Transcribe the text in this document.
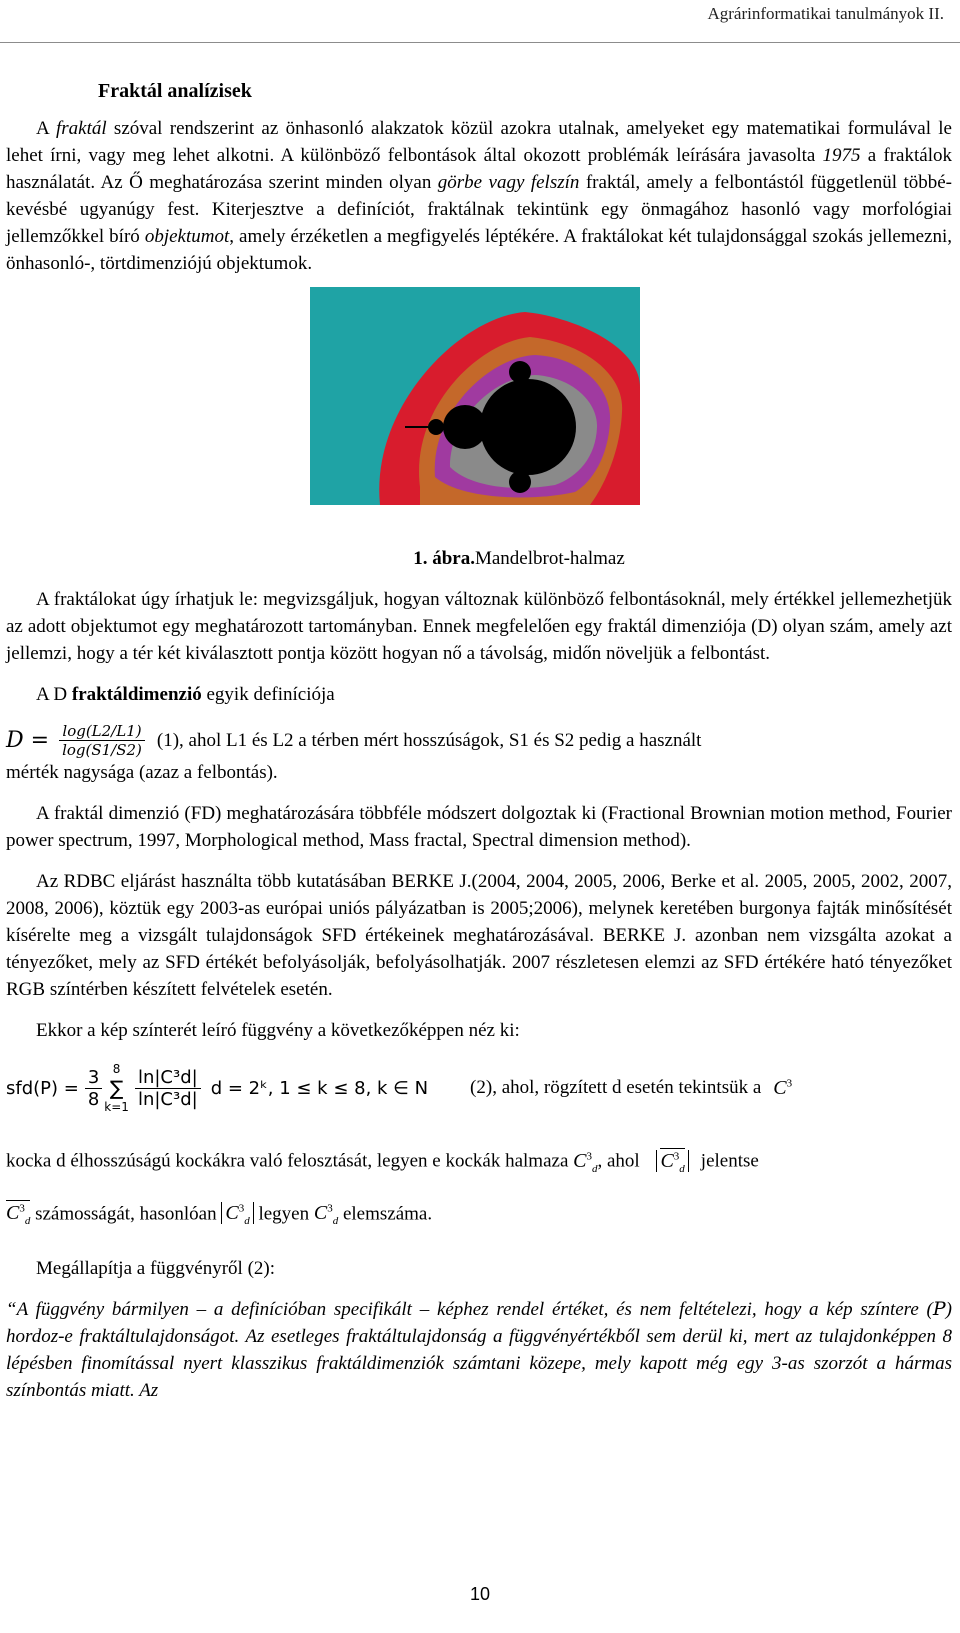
Agrárinformatikai tanulmányok II.
Fraktál analízisek

A fraktál szóval rendszerint az önhasonló alakzatok közül azokra utalnak, amelyeket egy matematikai formulával le lehet írni, vagy meg lehet alkotni. A különböző felbontások által okozott problémák leírására javasolta 1975 a fraktálok használatát. Az Ő meghatározása szerint minden olyan görbe vagy felszín fraktál, amely a felbontástól függetlenül többé-kevésbé ugyanúgy fest. Kiterjesztve a definíciót, fraktálnak tekintünk egy önmagához hasonló vagy morfológiai jellemzőkkel bíró objektumot, amely érzéketlen a megfigyelés léptékére. A fraktálokat két tulajdonsággal szokás jellemezni, önhasonló-, törtdimenziójú objektumok.

1. ábra.Mandelbrot-halmaz

A fraktálokat úgy írhatjuk le: megvizsgáljuk, hogyan változnak különböző felbontásoknál, mely értékkel jellemezhetjük az adott objektumot egy meghatározott tartományban. Ennek megfelelően egy fraktál dimenziója (D) olyan szám, amely azt jellemzi, hogy a tér két kiválasztott pontja között hogyan nő a távolság, midőn növeljük a felbontást.

A D fraktáldimenzió egyik definíciója

$D = \frac{\log(L2/L1)}{\log(S1/S2)} (1)$, ahol L1 és L2 a térben mért hosszúságok, S1 és S2 pedig a használt

mérték nagysága (azaz a felbontás).

A fraktál dimenzió (FD) meghatározására többféle módszert dolgoztak ki (Fractional Brownian motion method, Fourier power spectrum, 1997, Morphological method, Mass fractal, Spectral dimension method).

Az RDBC eljárást használta több kutatásában BERKE J.(2004, 2004, 2005, 2006, Berke et al. 2005, 2005, 2002, 2007, 2008, 2006), köztük egy 2003-as európai uniós pályázatban is 2005;2006), melynek keretében burgonya fajták minősítését kísérelte meg a vizsgált tulajdonságok SFD értékeinek meghatározásával. BERKE J. azonban nem vizsgálta azokat a tényezőket, mely az SFD értékét befolyásolják, befolyásolhatják. 2007 részletesen elemzi az SFD értékére ható tényezőket RGB színtérben készített felvételek esetén.

Ekkor a kép színterét leíró függvény a következőképpen néz ki:

$sfd(P) = \frac{3}{8} 8$
∑
$k=1 \frac{\text{ln|C³d|}}{\text{ln|C³d|}}$ d = 2ᵏ, 1 ≤ k ≤ 8, k ∈ N (2), ahol, rögzített d esetén tekintsük a $C^3$

kocka d élhosszúságú kockákra való felosztását, legyen e kockák halmaza $C^3_d$, ahol $C^3_d$ jelentse

$C^3_d$ számosságát, hasonlóan $C^3_d$ legyen $C^3_d$ elemszáma.

Megállapítja a függvényről (2):

“A függvény bármilyen – a definícióban specifikált – képhez rendel értéket, és nem feltételezi, hogy a kép színtere (P) hordoz-e fraktáltulajdonságot. Az esetleges fraktáltulajdonság a függvényértékből sem derül ki, mert az tulajdonképpen 8 lépésben finomítással nyert klasszikus fraktáldimenziók számtani közepe, mely kapott még egy 3-as szorzót a hármas színbontás miatt. Az

10
